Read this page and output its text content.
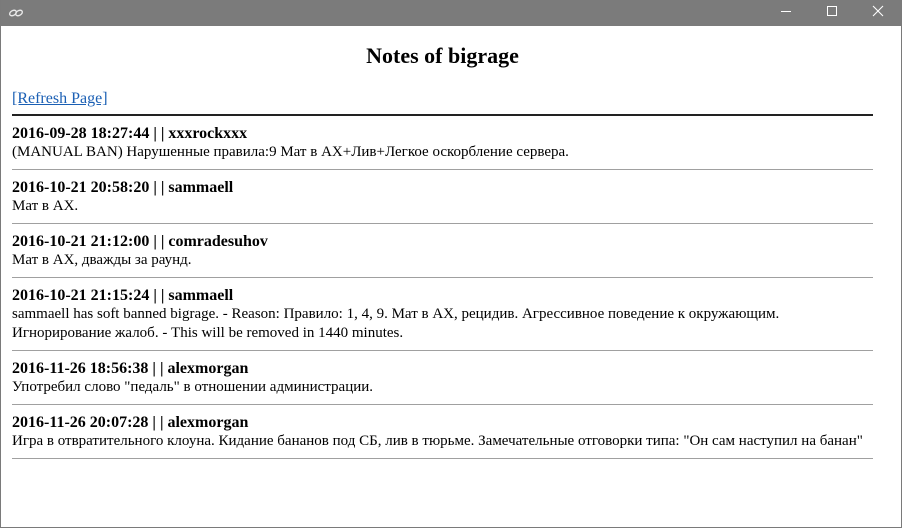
Notes of bigrage
[Refresh Page]
2016-09-28 18:27:44 | | xxxrockxxx
(MANUAL BAN) Нарушенные правила:9 Мат в АХ+Лив+Легкое оскорбление сервера.
2016-10-21 20:58:20 | | sammaell
Мат в АХ.
2016-10-21 21:12:00 | | comradesuhov
Мат в АХ, дважды за раунд.
2016-10-21 21:15:24 | | sammaell
sammaell has soft banned bigrage. - Reason: Правило: 1, 4, 9. Мат в АХ, рецидив. Агрессивное поведение к окружающим. Игнорирование жалоб. - This will be removed in 1440 minutes.
2016-11-26 18:56:38 | | alexmorgan
Употребил слово "педаль" в отношении администрации.
2016-11-26 20:07:28 | | alexmorgan
Игра в отвратительного клоуна. Кидание бананов под СБ, лив в тюрьме. Замечательные отговорки типа: "Он сам наступил на банан"
